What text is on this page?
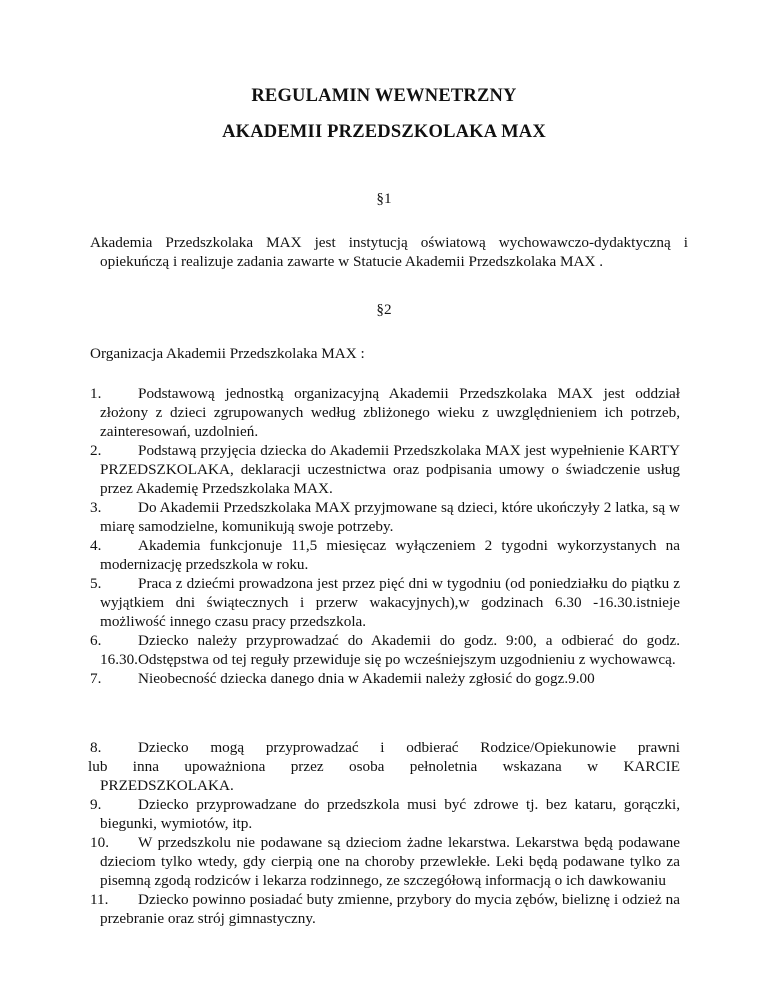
REGULAMIN WEWNETRZNY
AKADEMII PRZEDSZKOLAKA MAX
§1
Akademia Przedszkolaka MAX jest instytucją oświatową wychowawczo-dydaktyczną i opiekuńczą i realizuje zadania zawarte w Statucie Akademii Przedszkolaka MAX .
§2
Organizacja Akademii Przedszkolaka MAX :
1.	Podstawową jednostką organizacyjną Akademii Przedszkolaka MAX jest oddział złożony z dzieci zgrupowanych według zbliżonego wieku z uwzględnieniem ich potrzeb, zainteresowań, uzdolnień.
2.	Podstawą przyjęcia dziecka do Akademii Przedszkolaka MAX jest wypełnienie KARTY PRZEDSZKOLAKA, deklaracji uczestnictwa oraz podpisania umowy o świadczenie usług przez Akademię Przedszkolaka MAX.
3.	Do Akademii Przedszkolaka MAX przyjmowane są dzieci, które ukończyły 2 latka, są w miarę samodzielne, komunikują swoje potrzeby.
4.	Akademia funkcjonuje 11,5 miesięcaz wyłączeniem 2 tygodni wykorzystanych na modernizację przedszkola w roku.
5.	Praca z dziećmi prowadzona jest przez pięć dni w tygodniu (od poniedziałku do piątku z wyjątkiem dni świątecznych i przerw wakacyjnych),w godzinach 6.30 -16.30.istnieje możliwość innego czasu pracy przedszkola.
6.	Dziecko należy przyprowadzać do Akademii do godz. 9:00, a odbierać do godz. 16.30.Odstępstwa od tej reguły przewiduje się po wcześniejszym uzgodnieniu z wychowawcą.
7.	Nieobecność dziecka danego dnia w Akademii należy zgłosić do gogz.9.00
8.	Dziecko mogą przyprowadzać i odbierać Rodzice/Opiekunowie prawni
lub inna upoważniona przez osoba pełnoletnia wskazana w KARCIE
PRZEDSZKOLAKA.
9.	Dziecko przyprowadzane do przedszkola musi być zdrowe tj. bez kataru, gorączki, biegunki, wymiotów, itp.
10.	W przedszkolu nie podawane są dzieciom żadne lekarstwa. Lekarstwa będą podawane dzieciom tylko wtedy, gdy cierpią one na choroby przewlekłe. Leki będą podawane tylko za pisemną zgodą rodziców i lekarza rodzinnego, ze szczegółową informacją o ich dawkowaniu
11.	Dziecko powinno posiadać buty zmienne, przybory do mycia zębów, bieliznę i odzież na przebranie oraz strój gimnastyczny.
